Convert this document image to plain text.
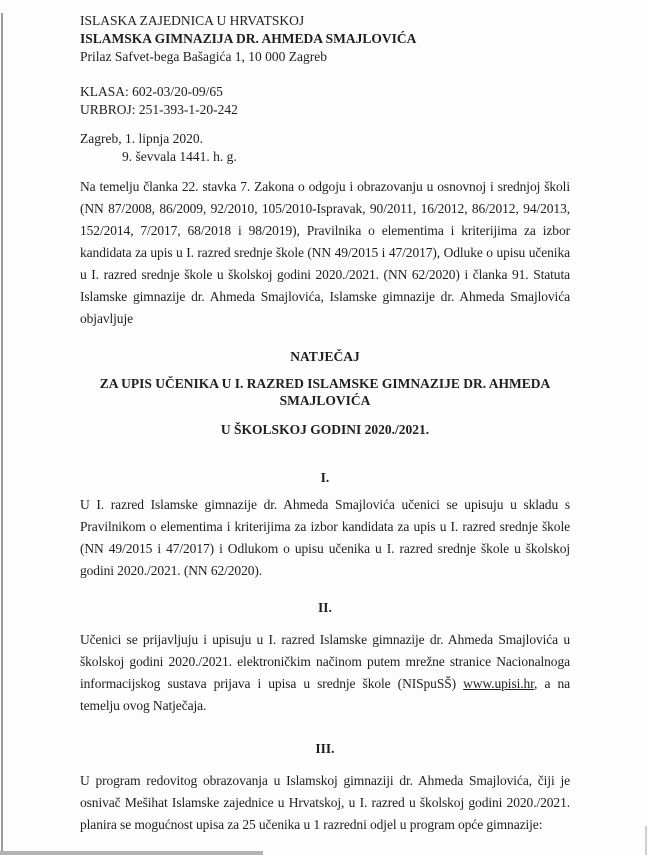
ISLASKA ZAJEDNICA U HRVATSKOJ
ISLAMSKA GIMNAZIJA DR. AHMEDA SMAJLOVIĆA
Prilaz Safvet-bega Bašagića 1, 10 000 Zagreb
KLASA: 602-03/20-09/65
URBROJ: 251-393-1-20-242
Zagreb, 1. lipnja 2020.
9. ševvala 1441. h. g.

Na temelju članka 22. stavka 7. Zakona o odgoju i obrazovanju u osnovnoj i srednjoj školi (NN 87/2008, 86/2009, 92/2010, 105/2010-Ispravak, 90/2011, 16/2012, 86/2012, 94/2013, 152/2014, 7/2017, 68/2018 i 98/2019), Pravilnika o elementima i kriterijima za izbor kandidata za upis u I. razred srednje škole (NN 49/2015 i 47/2017), Odluke o upisu učenika u I. razred srednje škole u školskoj godini 2020./2021. (NN 62/2020) i članka 91. Statuta Islamske gimnazije dr. Ahmeda Smajlovića, Islamske gimnazije dr. Ahmeda Smajlovića objavljuje

NATJEČAJ

ZA UPIS UČENIKA U I. RAZRED ISLAMSKE GIMNAZIJE DR. AHMEDA SMAJLOVIĆA

U ŠKOLSKOJ GODINI 2020./2021.

I.

U I. razred Islamske gimnazije dr. Ahmeda Smajlovića učenici se upisuju u skladu s Pravilnikom o elementima i kriterijima za izbor kandidata za upis u I. razred srednje škole (NN 49/2015 i 47/2017) i Odlukom o upisu učenika u I. razred srednje škole u školskoj godini 2020./2021. (NN 62/2020).

II.

Učenici se prijavljuju i upisuju u I. razred Islamske gimnazije dr. Ahmeda Smajlovića u školskoj godini 2020./2021. elektroničkim načinom putem mrežne stranice Nacionalnoga informacijskog sustava prijava i upisa u srednje škole (NISpuSŠ) www.upisi.hr, a na temelju ovog Natječaja.

III.

U program redovitog obrazovanja u Islamskoj gimnaziji dr. Ahmeda Smajlovića, čiji je osnivač Mešihat Islamske zajednice u Hrvatskoj, u I. razred u školskoj godini 2020./2021. planira se mogućnost upisa za 25 učenika u 1 razredni odjel u program opće gimnazije:
